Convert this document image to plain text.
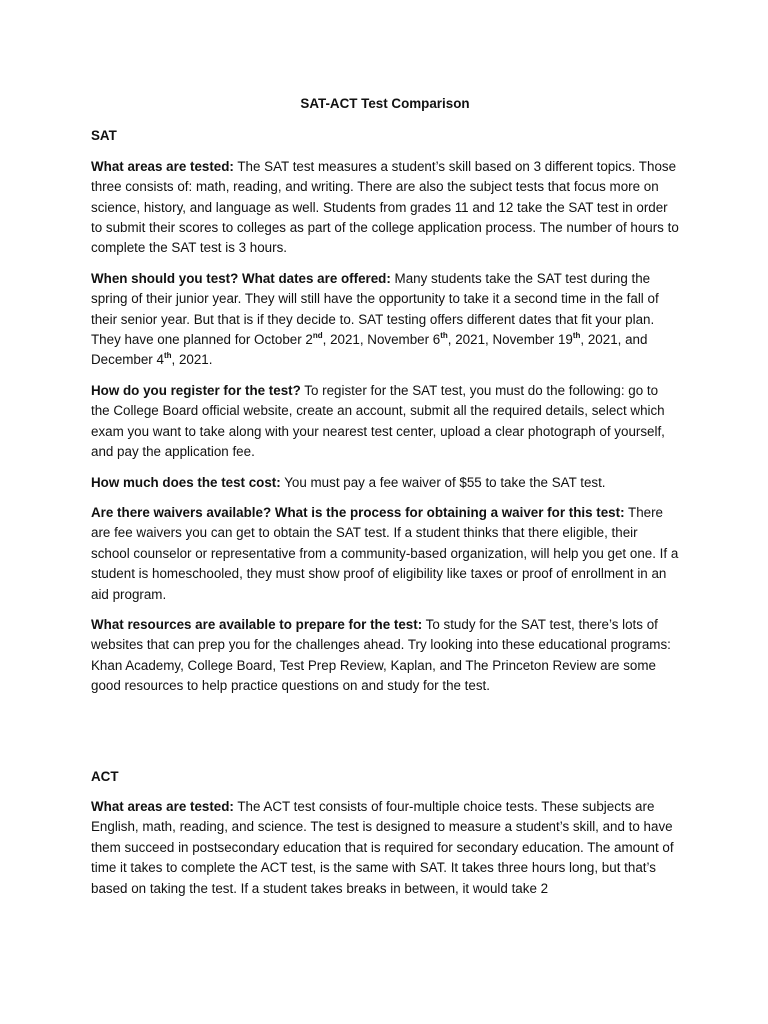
SAT-ACT Test Comparison
SAT

What areas are tested: The SAT test measures a student’s skill based on 3 different topics. Those three consists of: math, reading, and writing. There are also the subject tests that focus more on science, history, and language as well. Students from grades 11 and 12 take the SAT test in order to submit their scores to colleges as part of the college application process. The number of hours to complete the SAT test is 3 hours.

When should you test? What dates are offered: Many students take the SAT test during the spring of their junior year. They will still have the opportunity to take it a second time in the fall of their senior year. But that is if they decide to. SAT testing offers different dates that fit your plan. They have one planned for October 2nd, 2021, November 6th, 2021, November 19th, 2021, and December 4th, 2021.

How do you register for the test? To register for the SAT test, you must do the following: go to the College Board official website, create an account, submit all the required details, select which exam you want to take along with your nearest test center, upload a clear photograph of yourself, and pay the application fee.

How much does the test cost: You must pay a fee waiver of $55 to take the SAT test.

Are there waivers available? What is the process for obtaining a waiver for this test: There are fee waivers you can get to obtain the SAT test. If a student thinks that there eligible, their school counselor or representative from a community-based organization, will help you get one. If a student is homeschooled, they must show proof of eligibility like taxes or proof of enrollment in an aid program.

What resources are available to prepare for the test: To study for the SAT test, there’s lots of websites that can prep you for the challenges ahead. Try looking into these educational programs: Khan Academy, College Board, Test Prep Review, Kaplan, and The Princeton Review are some good resources to help practice questions on and study for the test.

ACT

What areas are tested: The ACT test consists of four-multiple choice tests. These subjects are English, math, reading, and science. The test is designed to measure a student’s skill, and to have them succeed in postsecondary education that is required for secondary education. The amount of time it takes to complete the ACT test, is the same with SAT. It takes three hours long, but that’s based on taking the test. If a student takes breaks in between, it would take 2
